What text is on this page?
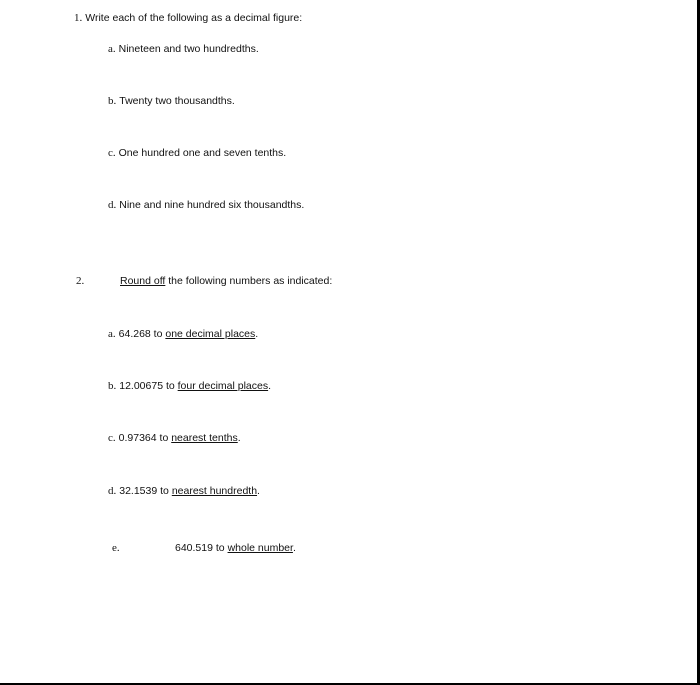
1. Write each of the following as a decimal figure:
a. Nineteen and two hundredths.
b. Twenty two thousandths.
c. One hundred one and seven tenths.
d. Nine and nine hundred six thousandths.
2.	Round off the following numbers as indicated:
a. 64.268 to one decimal places.
b. 12.00675 to four decimal places.
c. 0.97364 to nearest tenths.
d. 32.1539 to nearest hundredth.
e.	640.519 to whole number.
